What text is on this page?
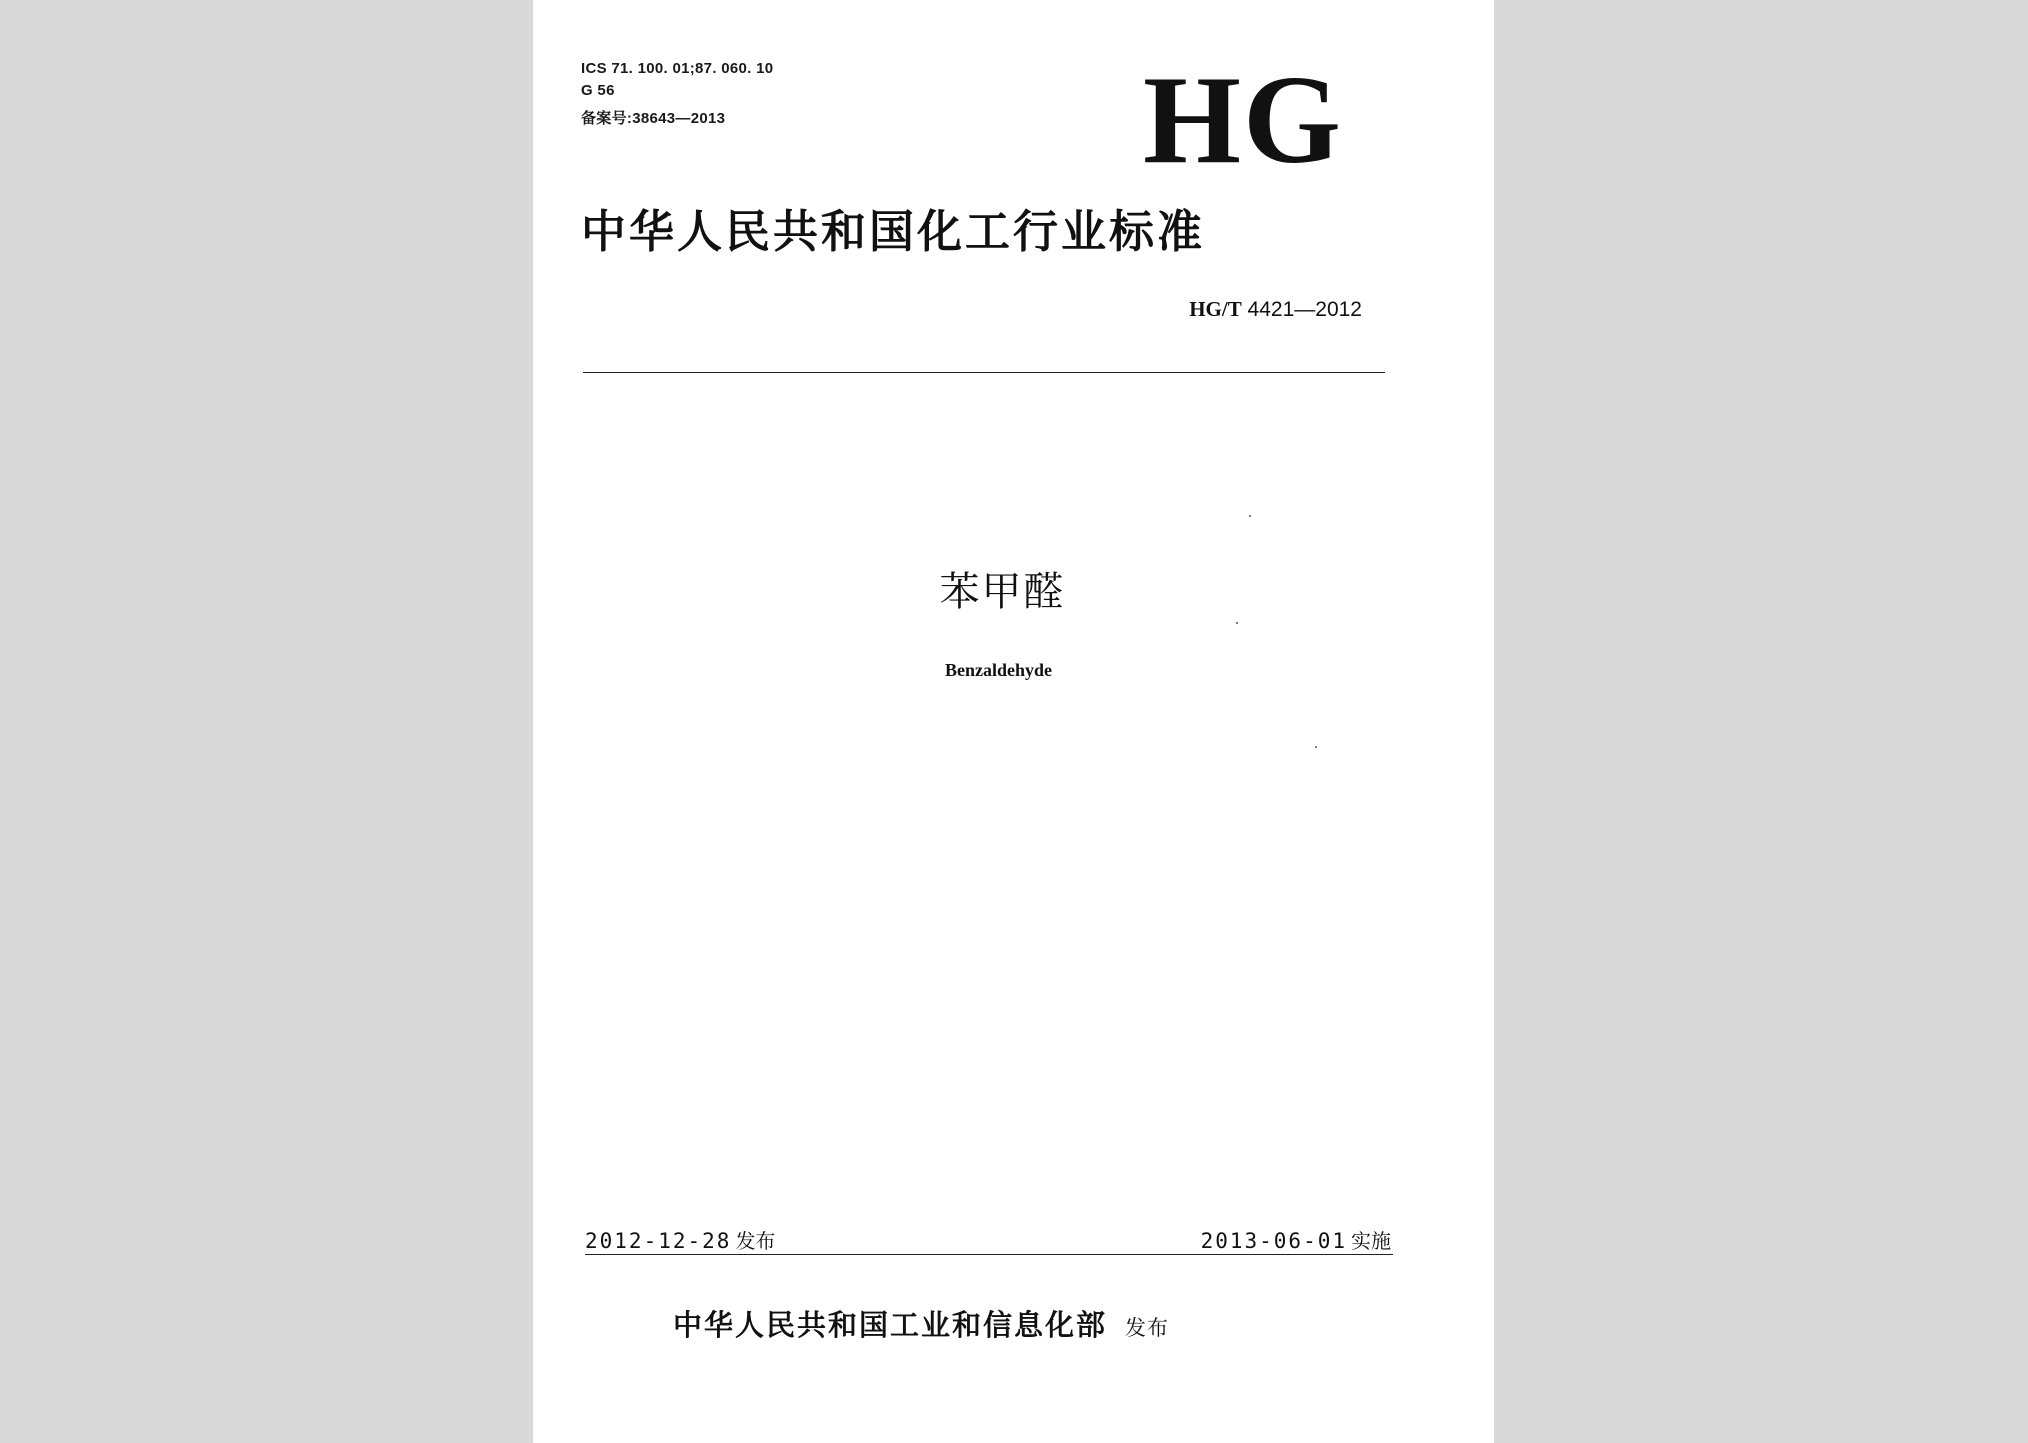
ICS 71. 100. 01;87. 060. 10
G 56
备案号:38643—2013	HG
中华人民共和国化工行业标准
HG/T 4421—2012
苯甲醛
Benzaldehyde
2012-12-28 发布	2013-06-01 实施
中华人民共和国工业和信息化部 发布
